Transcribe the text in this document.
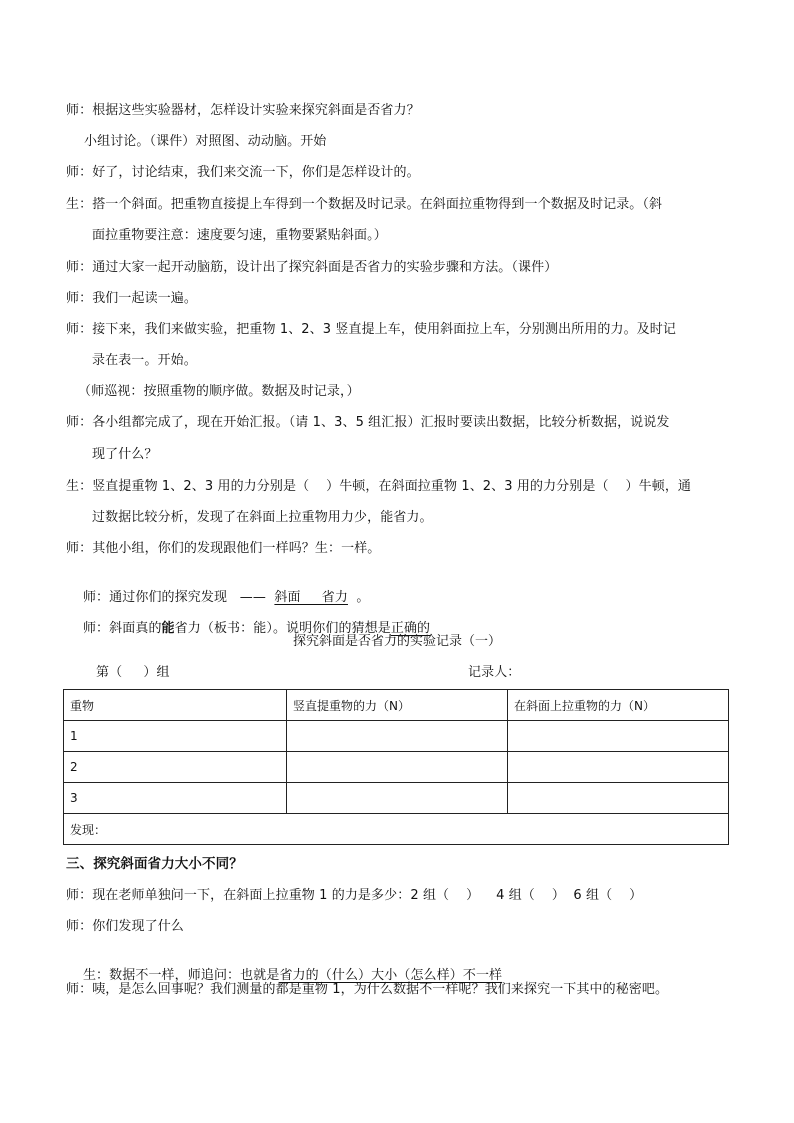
师：根据这些实验器材，怎样设计实验来探究斜面是否省力？
小组讨论。（课件）对照图、动动脑。开始
师：好了，讨论结束，我们来交流一下，你们是怎样设计的。
生：搭一个斜面。把重物直接提上车得到一个数据及时记录。在斜面拉重物得到一个数据及时记录。（斜
面拉重物要注意：速度要匀速，重物要紧贴斜面。）
师：通过大家一起开动脑筋，设计出了探究斜面是否省力的实验步骤和方法。（课件）
师：我们一起读一遍。
师：接下来，我们来做实验，把重物 1、2、3 竖直提上车，使用斜面拉上车，分别测出所用的力。及时记
录在表一。开始。
（师巡视：按照重物的顺序做。数据及时记录，）
师：各小组都完成了，现在开始汇报。（请 1、3、5 组汇报）汇报时要读出数据，比较分析数据，说说发
现了什么？
生：竖直提重物 1、2、3 用的力分别是（    ）牛顿，在斜面拉重物 1、2、3 用的力分别是（    ）牛顿，通
过数据比较分析，发现了在斜面上拉重物用力少，能省力。
师：其他小组，你们的发现跟他们一样吗？生：一样。

师：通过你们的探究发现   ——  斜面     省力  。

师：斜面真的能省力（板书：能）。说明你们的猜想是正确的

探究斜面是否省力的实验记录（一）
第（     ）组	记录人：
重物	竖直提重物的力（N）	在斜面上拉重物的力（N）
1		
2		
3		
发现：		
三、探究斜面省力大小不同？
师：现在老师单独问一下，在斜面上拉重物 1 的力是多少：2 组（    ）    4 组（    ）  6 组（    ）
师：你们发现了什么

生：数据不一样，师追问：也就是省力的（什么）大小（怎么样）不一样

师：咦，是怎么回事呢？我们测量的都是重物 1，为什么数据不一样呢？我们来探究一下其中的秘密吧。
